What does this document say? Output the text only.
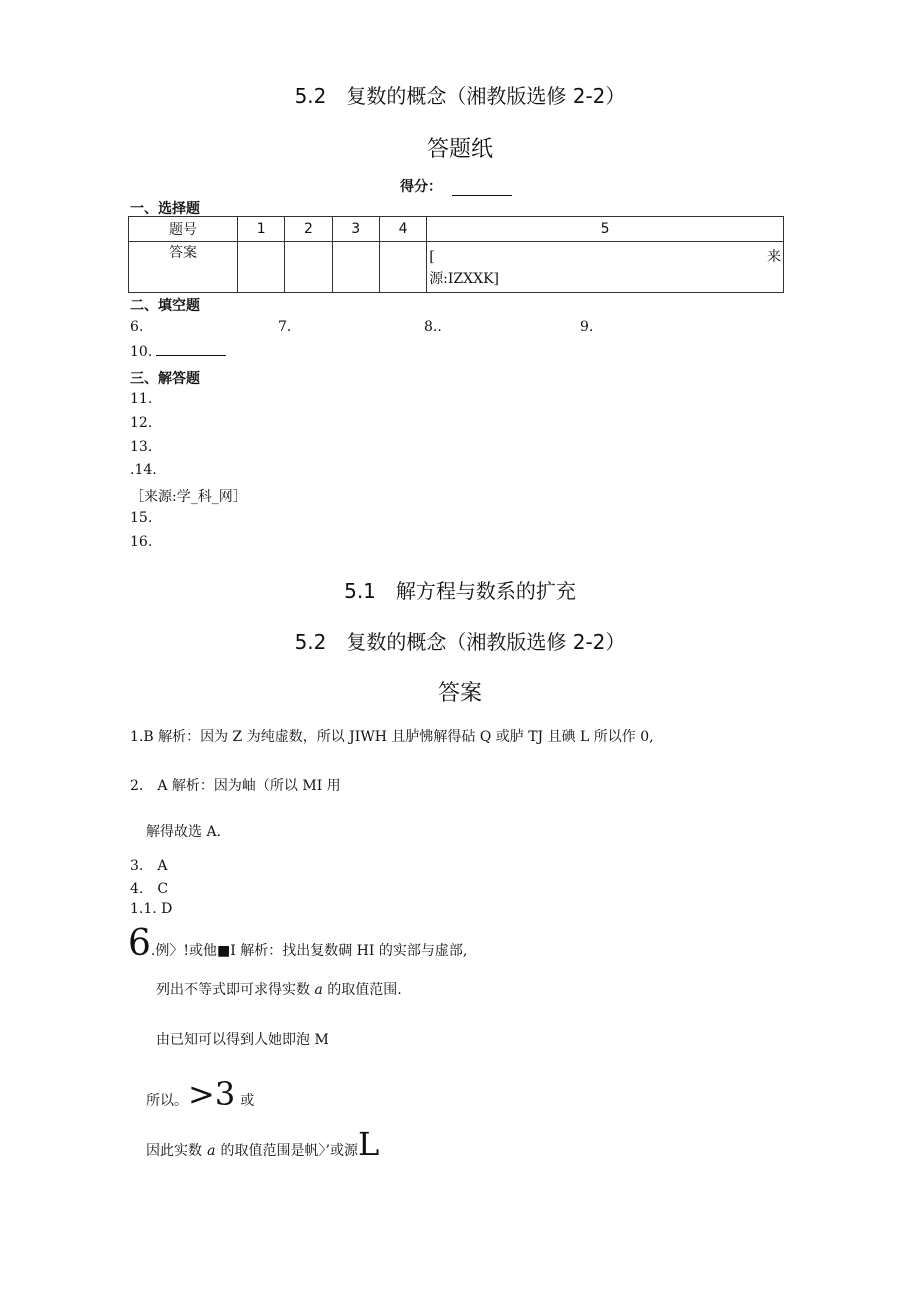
5.2　复数的概念（湘教版选修 2-2）
答题纸
得分：
一、选择题
题号	1	2	3	4	5
答案					[ 来
源:IZXXK]
二、填空题
6.	7.	8..	9.
10.
三、解答题
11.
12.
13.
.14.
［来源:学_科_网］
15.
16.
5.1　解方程与数系的扩充
5.2　复数的概念（湘教版选修 2-2）
答案
1.B 解析：因为 Z 为纯虚数，所以 JIWH 且胪怫解得砧 Q 或胪 TJ 且碘 L 所以作 0,
2.　A 解析：因为岫（所以 MI 用
解得故选 A.
3.　A
4.　C
1.1. D
6.例〉!或他■I 解析：找出复数碉 HI 的实部与虚部,
列出不等式即可求得实数 a 的取值范围.
由已知可以得到人她即泡 M
所以。>3 或
因此实数 a 的取值范围是帆〉’或源L
